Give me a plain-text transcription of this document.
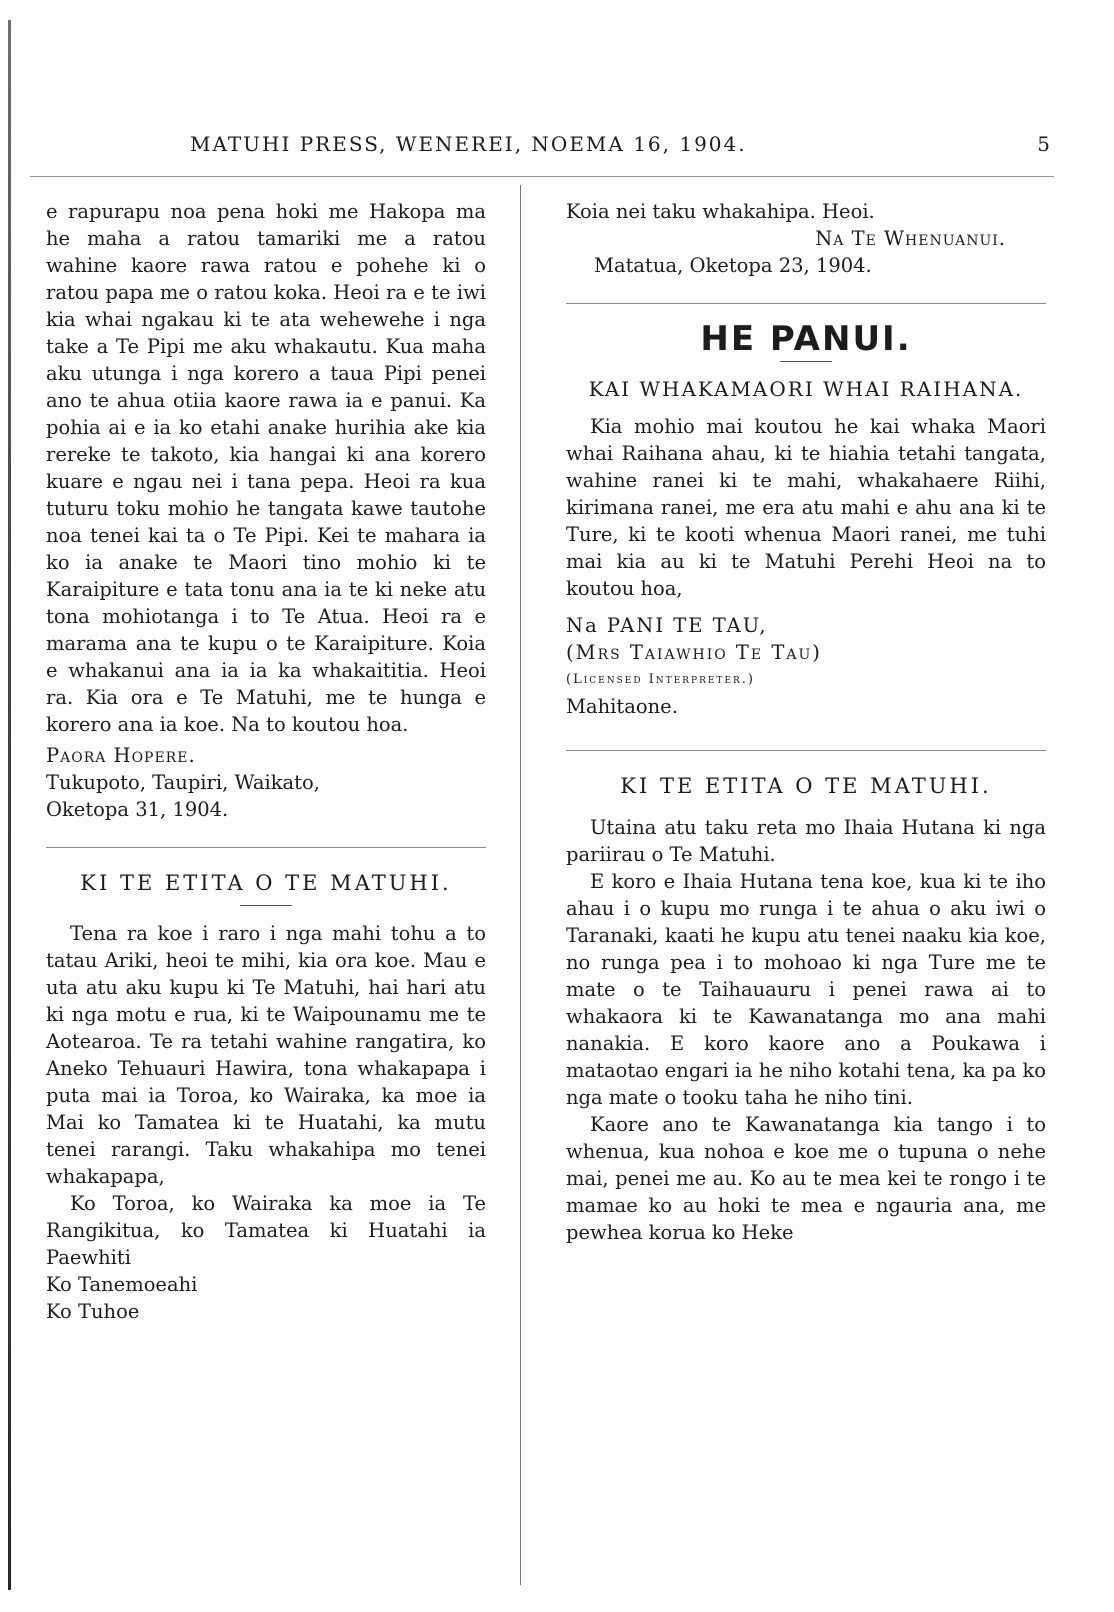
MATUHI PRESS, WENEREI, NOEMA 16, 1904.	5

e rapurapu noa pena hoki me Hakopa ma he maha a ratou tamariki me a ratou wahine kaore rawa ratou e pohehe ki o ratou papa me o ratou koka. Heoi ra e te iwi kia whai ngakau ki te ata wehewehe i nga take a Te Pipi me aku whakautu. Kua maha aku utunga i nga korero a taua Pipi penei ano te ahua otiia kaore rawa ia e panui. Ka pohia ai e ia ko etahi anake hurihia ake kia rereke te takoto, kia hangai ki ana korero kuare e ngau nei i tana pepa. Heoi ra kua tuturu toku mohio he tangata kawe tautohe noa tenei kai ta o Te Pipi. Kei te mahara ia ko ia anake te Maori tino mohio ki te Karaipiture e tata tonu ana ia te ki neke atu tona mohiotanga i to Te Atua. Heoi ra e marama ana te kupu o te Karaipiture. Koia e whakanui ana ia ia ka whakaititia. Heoi ra. Kia ora e Te Matuhi, me te hunga e korero ana ia koe. Na to koutou hoa.

Paora Hopere.

Tukupoto, Taupiri, Waikato,

Oketopa 31, 1904.

KI TE ETITA O TE MATUHI.

Tena ra koe i raro i nga mahi tohu a to tatau Ariki, heoi te mihi, kia ora koe. Mau e uta atu aku kupu ki Te Matuhi, hai hari atu ki nga motu e rua, ki te Waipounamu me te Aotearoa. Te ra tetahi wahine rangatira, ko Aneko Tehuauri Hawira, tona whakapapa i puta mai ia Toroa, ko Wairaka, ka moe ia Mai ko Tamatea ki te Huatahi, ka mutu tenei rarangi. Taku whakahipa mo tenei whakapapa,

Ko Toroa, ko Wairaka ka moe ia Te Rangikitua, ko Tamatea ki Huatahi ia Paewhiti

Ko Tanemoeahi

Ko Tuhoe

Koia nei taku whakahipa. Heoi.

Na Te Whenuanui.

Matatua, Oketopa 23, 1904.

HE PANUI.
KAI WHAKAMAORI WHAI RAIHANA.

Kia mohio mai koutou he kai whaka Maori whai Raihana ahau, ki te hiahia tetahi tangata, wahine ranei ki te mahi, whakahaere Riihi, kirimana ranei, me era atu mahi e ahu ana ki te Ture, ki te kooti whenua Maori ranei, me tuhi mai kia au ki te Matuhi Perehi Heoi na to koutou hoa,

Na PANI TE TAU,

(Mrs Taiawhio Te Tau)

(Licensed Interpreter.)

Mahitaone.

KI TE ETITA O TE MATUHI.

Utaina atu taku reta mo Ihaia Hutana ki nga pariirau o Te Matuhi.

E koro e Ihaia Hutana tena koe, kua ki te iho ahau i o kupu mo runga i te ahua o aku iwi o Taranaki, kaati he kupu atu tenei naaku kia koe, no runga pea i to mohoao ki nga Ture me te mate o te Taihauauru i penei rawa ai to whakaora ki te Kawanatanga mo ana mahi nanakia. E koro kaore ano a Poukawa i mataotao engari ia he niho kotahi tena, ka pa ko nga mate o tooku taha he niho tini.

Kaore ano te Kawanatanga kia tango i to whenua, kua nohoa e koe me o tupuna o nehe mai, penei me au. Ko au te mea kei te rongo i te mamae ko au hoki te mea e ngauria ana, me pewhea koruа ko Heke
